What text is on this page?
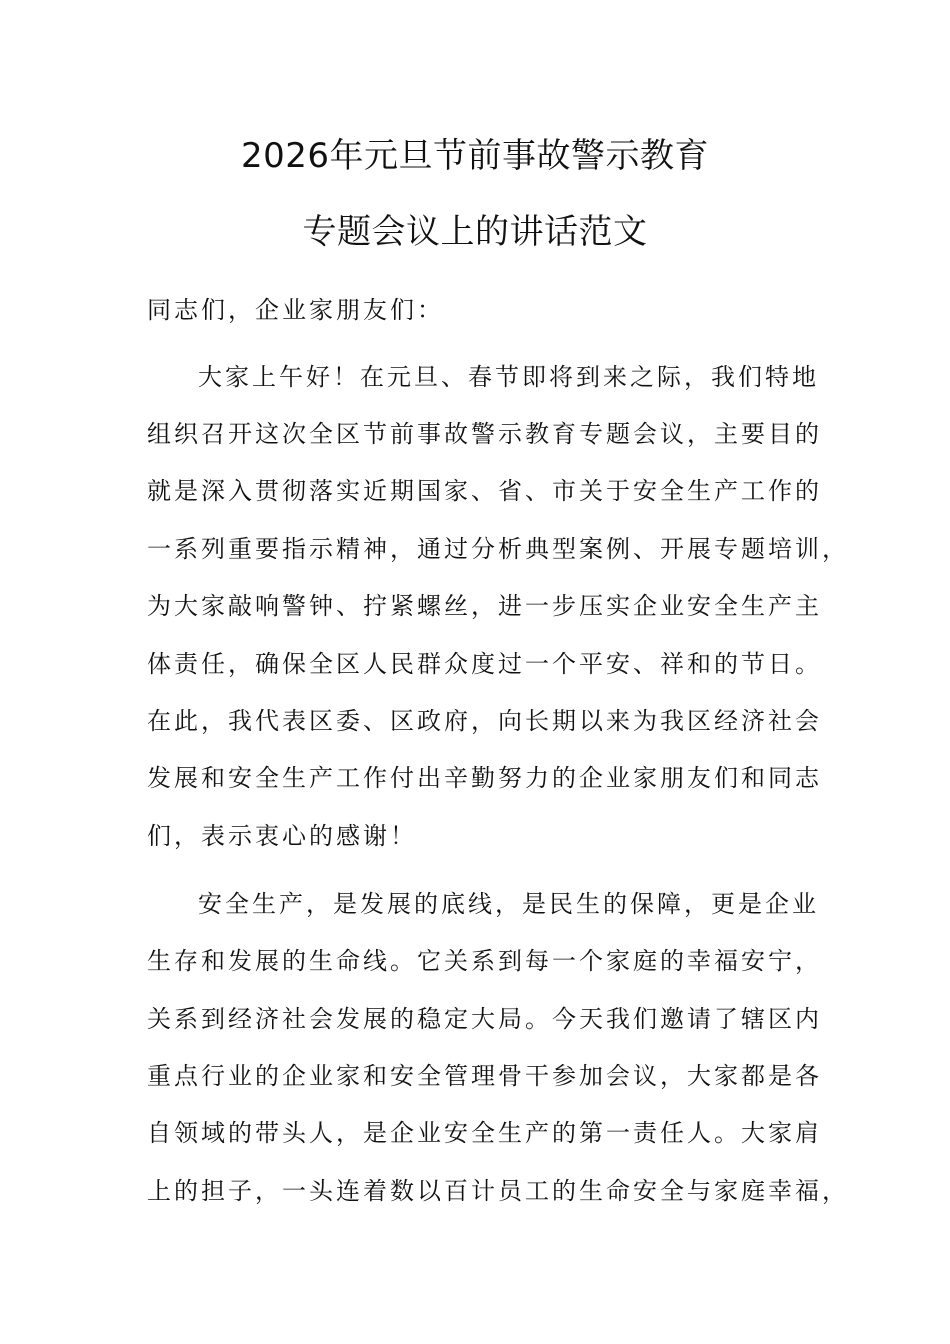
2026年元旦节前事故警示教育
专题会议上的讲话范文
同志们，企业家朋友们：
大家上午好！在元旦、春节即将到来之际，我们特地
组织召开这次全区节前事故警示教育专题会议，主要目的
就是深入贯彻落实近期国家、省、市关于安全生产工作的
一系列重要指示精神，通过分析典型案例、开展专题培训，
为大家敲响警钟、拧紧螺丝，进一步压实企业安全生产主
体责任，确保全区人民群众度过一个平安、祥和的节日。
在此，我代表区委、区政府，向长期以来为我区经济社会
发展和安全生产工作付出辛勤努力的企业家朋友们和同志
们，表示衷心的感谢！
安全生产，是发展的底线，是民生的保障，更是企业
生存和发展的生命线。它关系到每一个家庭的幸福安宁，
关系到经济社会发展的稳定大局。今天我们邀请了辖区内
重点行业的企业家和安全管理骨干参加会议，大家都是各
自领域的带头人，是企业安全生产的第一责任人。大家肩
上的担子，一头连着数以百计员工的生命安全与家庭幸福，
